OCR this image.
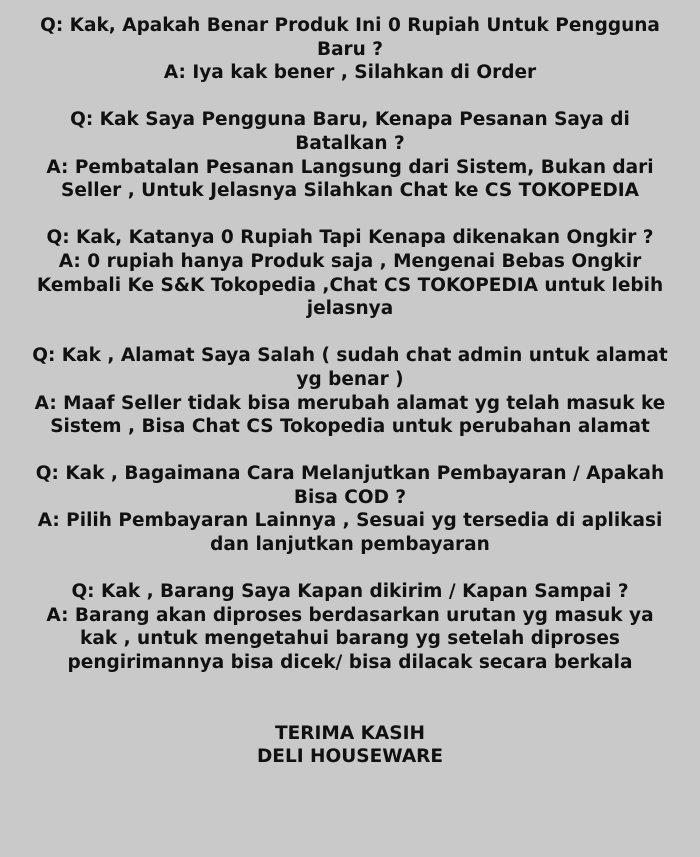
Q: Kak, Apakah Benar Produk Ini 0 Rupiah Untuk Pengguna Baru ?

A: Iya kak bener , Silahkan di Order

Q: Kak Saya Pengguna Baru, Kenapa Pesanan Saya di Batalkan ?

A: Pembatalan Pesanan Langsung dari Sistem, Bukan dari Seller , Untuk Jelasnya Silahkan Chat ke CS TOKOPEDIA

Q: Kak, Katanya 0 Rupiah Tapi Kenapa dikenakan Ongkir ?

A: 0 rupiah hanya Produk saja , Mengenai Bebas Ongkir Kembali Ke S&K Tokopedia ,Chat CS TOKOPEDIA untuk lebih jelasnya

Q: Kak , Alamat Saya Salah ( sudah chat admin untuk alamat yg benar )

A: Maaf Seller tidak bisa merubah alamat yg telah masuk ke Sistem , Bisa Chat CS Tokopedia untuk perubahan alamat

Q: Kak , Bagaimana Cara Melanjutkan Pembayaran / Apakah Bisa COD ?

A: Pilih Pembayaran Lainnya , Sesuai yg tersedia di aplikasi dan lanjutkan pembayaran

Q: Kak , Barang Saya Kapan dikirim / Kapan Sampai ?

A: Barang akan diproses berdasarkan urutan yg masuk ya kak , untuk mengetahui barang yg setelah diproses pengirimannya bisa dicek/ bisa dilacak secara berkala

TERIMA KASIH

DELI HOUSEWARE
